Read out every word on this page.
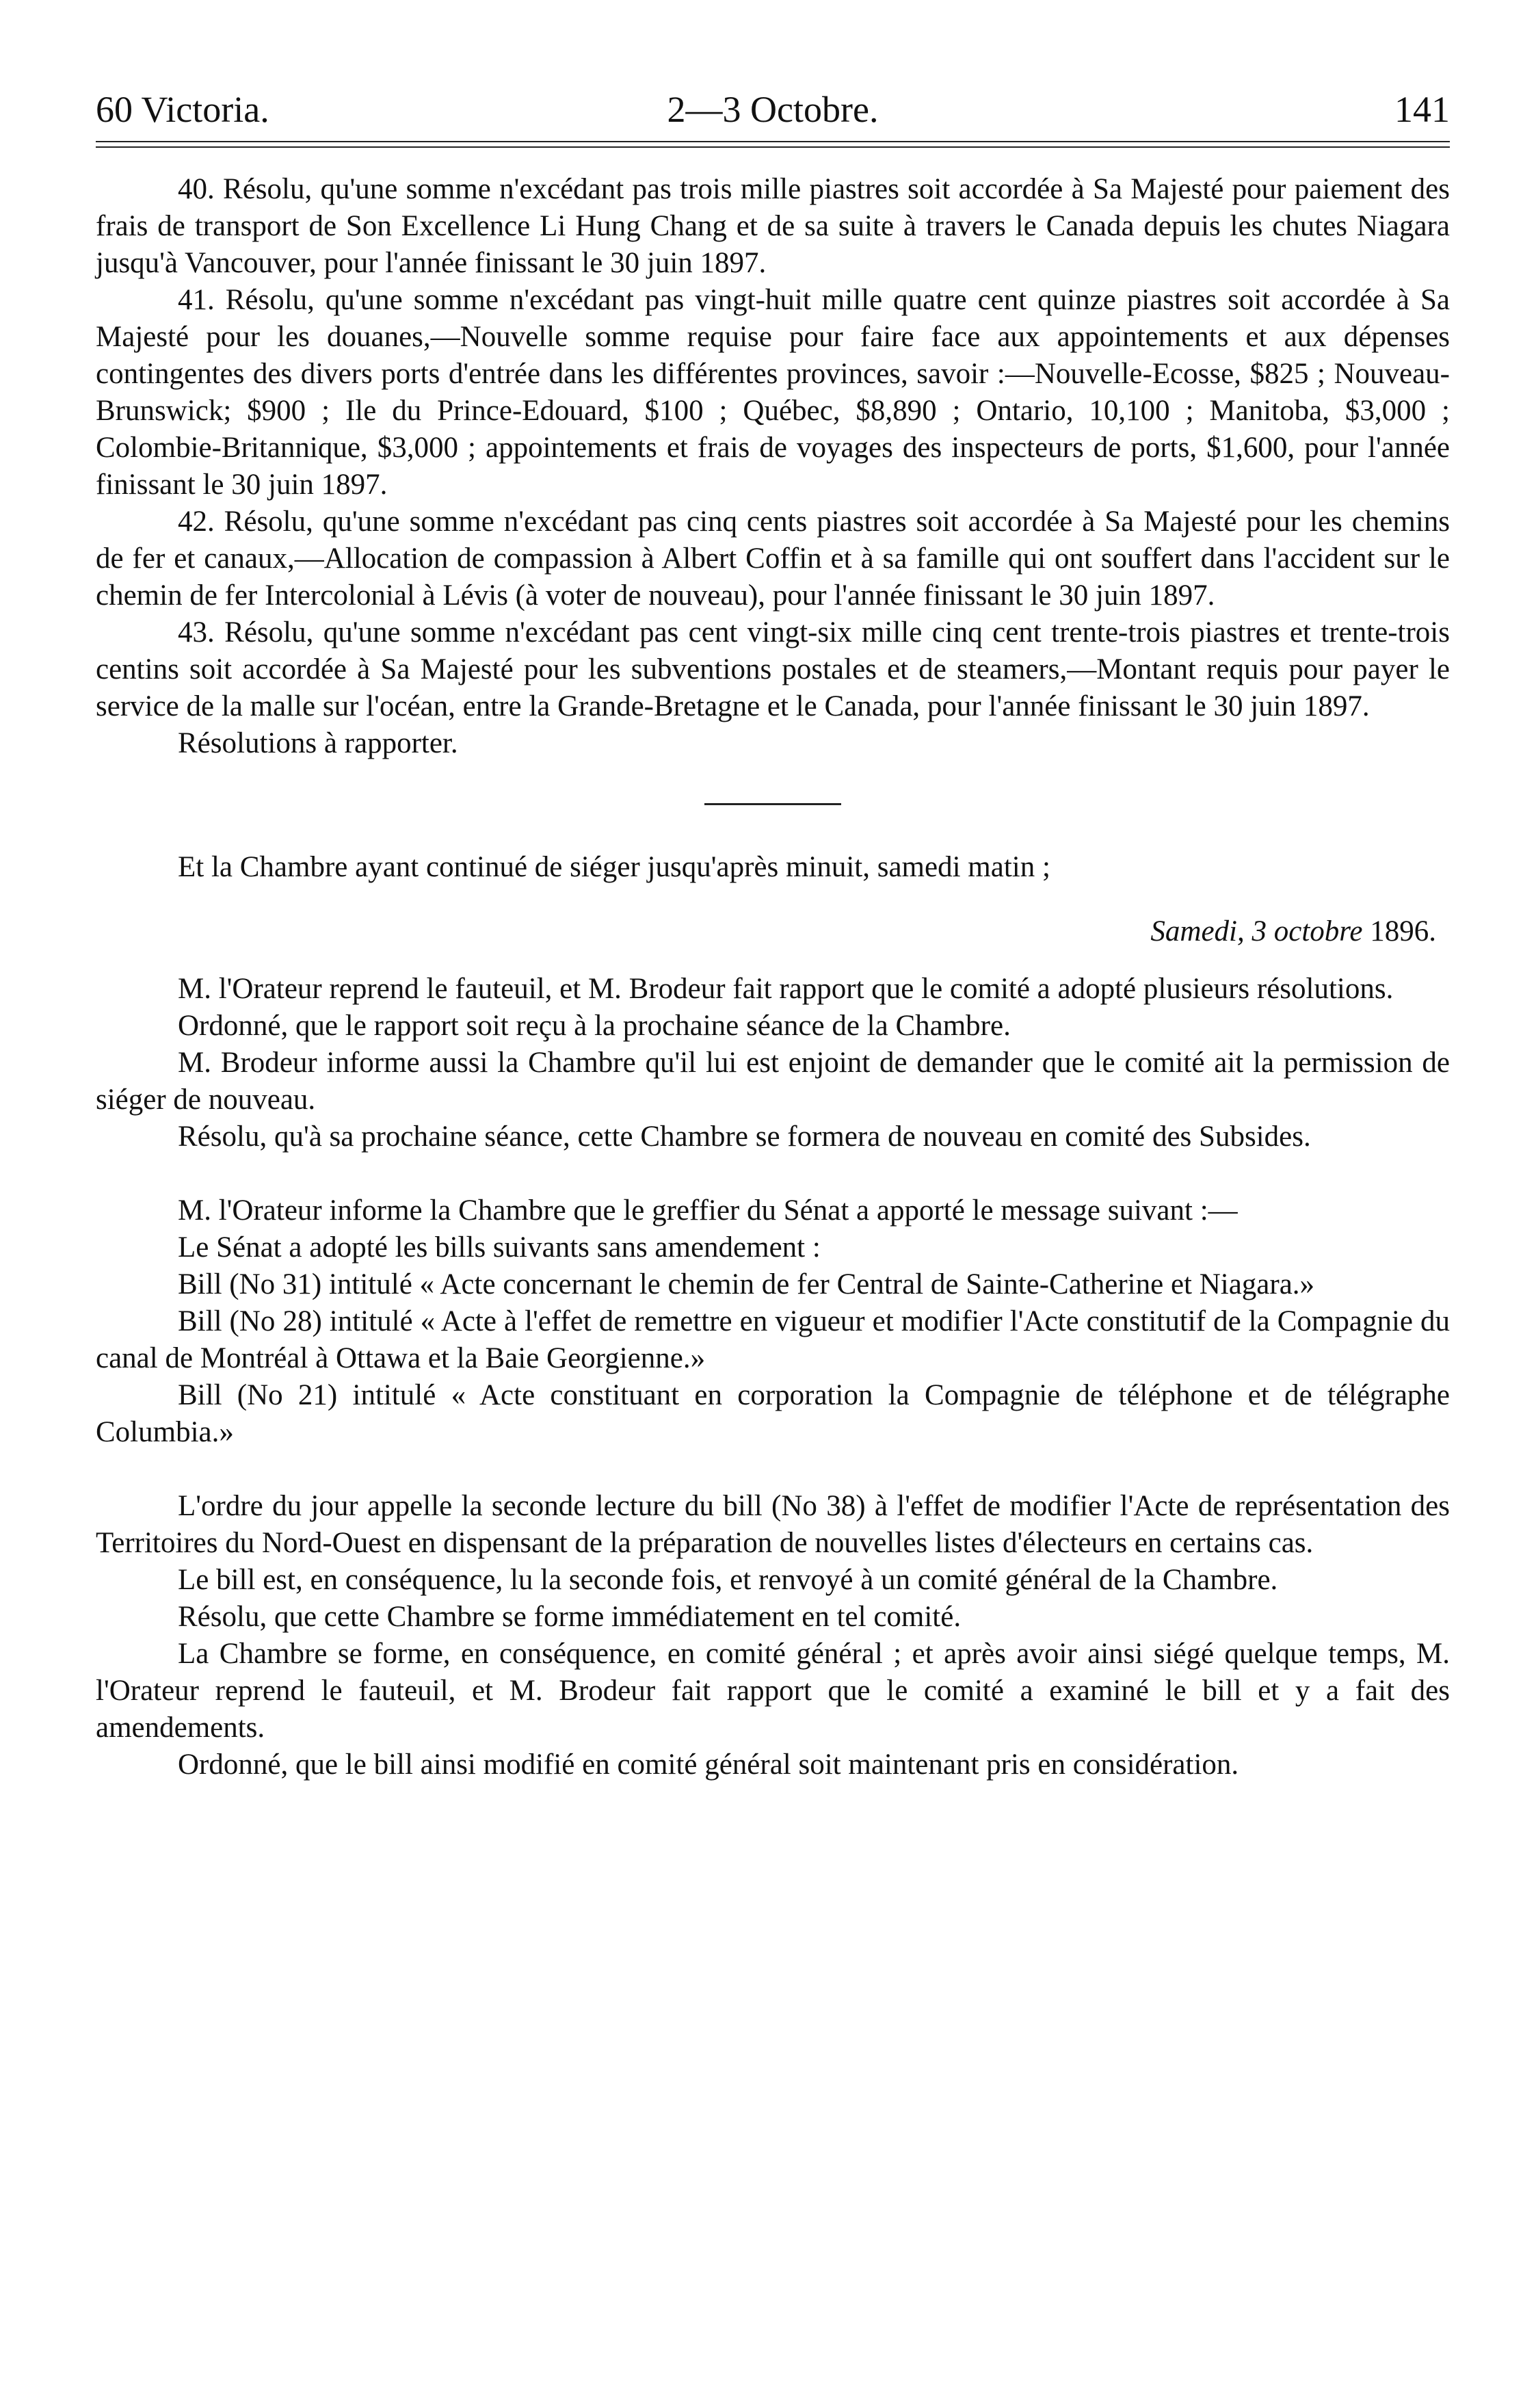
60 Victoria.	2—3 Octobre.	141

40. Résolu, qu'une somme n'excédant pas trois mille piastres soit accordée à Sa Majesté pour paiement des frais de transport de Son Excellence Li Hung Chang et de sa suite à travers le Canada depuis les chutes Niagara jusqu'à Vancouver, pour l'année finissant le 30 juin 1897.

41. Résolu, qu'une somme n'excédant pas vingt-huit mille quatre cent quinze piastres soit accordée à Sa Majesté pour les douanes,—Nouvelle somme requise pour faire face aux appointements et aux dépenses contingentes des divers ports d'entrée dans les différentes provinces, savoir :—Nouvelle-Ecosse, $825 ; Nouveau-Brunswick; $900 ; Ile du Prince-Edouard, $100 ; Québec, $8,890 ; Ontario, 10,100 ; Manitoba, $3,000 ; Colombie-Britannique, $3,000 ; appointements et frais de voyages des inspecteurs de ports, $1,600, pour l'année finissant le 30 juin 1897.

42. Résolu, qu'une somme n'excédant pas cinq cents piastres soit accordée à Sa Majesté pour les chemins de fer et canaux,—Allocation de compassion à Albert Coffin et à sa famille qui ont souffert dans l'accident sur le chemin de fer Intercolonial à Lévis (à voter de nouveau), pour l'année finissant le 30 juin 1897.

43. Résolu, qu'une somme n'excédant pas cent vingt-six mille cinq cent trente-trois piastres et trente-trois centins soit accordée à Sa Majesté pour les subventions postales et de steamers,—Montant requis pour payer le service de la malle sur l'océan, entre la Grande-Bretagne et le Canada, pour l'année finissant le 30 juin 1897.

Résolutions à rapporter.

Et la Chambre ayant continué de siéger jusqu'après minuit, samedi matin ;

Samedi, 3 octobre 1896.

M. l'Orateur reprend le fauteuil, et M. Brodeur fait rapport que le comité a adopté plusieurs résolutions.

Ordonné, que le rapport soit reçu à la prochaine séance de la Chambre.

M. Brodeur informe aussi la Chambre qu'il lui est enjoint de demander que le comité ait la permission de siéger de nouveau.

Résolu, qu'à sa prochaine séance, cette Chambre se formera de nouveau en comité des Subsides.

M. l'Orateur informe la Chambre que le greffier du Sénat a apporté le message suivant :—

Le Sénat a adopté les bills suivants sans amendement :

Bill (No 31) intitulé « Acte concernant le chemin de fer Central de Sainte-Catherine et Niagara.»

Bill (No 28) intitulé « Acte à l'effet de remettre en vigueur et modifier l'Acte constitutif de la Compagnie du canal de Montréal à Ottawa et la Baie Georgienne.»

Bill (No 21) intitulé « Acte constituant en corporation la Compagnie de téléphone et de télégraphe Columbia.»

L'ordre du jour appelle la seconde lecture du bill (No 38) à l'effet de modifier l'Acte de représentation des Territoires du Nord-Ouest en dispensant de la préparation de nouvelles listes d'électeurs en certains cas.

Le bill est, en conséquence, lu la seconde fois, et renvoyé à un comité général de la Chambre.

Résolu, que cette Chambre se forme immédiatement en tel comité.

La Chambre se forme, en conséquence, en comité général ; et après avoir ainsi siégé quelque temps, M. l'Orateur reprend le fauteuil, et M. Brodeur fait rapport que le comité a examiné le bill et y a fait des amendements.

Ordonné, que le bill ainsi modifié en comité général soit maintenant pris en considération.
